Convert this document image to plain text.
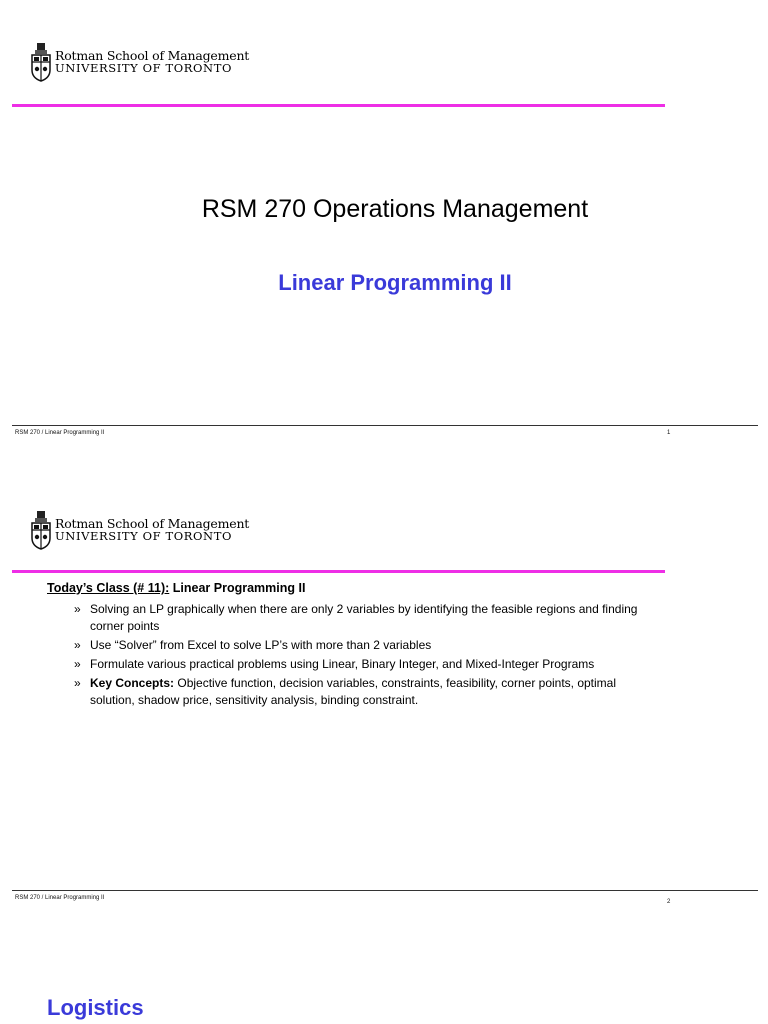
Rotman School of Management
UNIVERSITY OF TORONTO
RSM 270 Operations Management
Linear Programming II
RSM 270 / Linear Programming II	1
Rotman School of Management
UNIVERSITY OF TORONTO
Today’s Class (# 11): Linear Programming II
» Solving an LP graphically when there are only 2 variables by identifying the feasible regions and finding corner points
» Use “Solver” from Excel to solve LP’s with more than 2 variables
» Formulate various practical problems using Linear, Binary Integer, and Mixed-Integer Programs
» Key Concepts: Objective function, decision variables, constraints, feasibility, corner points, optimal solution, shadow price, sensitivity analysis, binding constraint.
RSM 270 / Linear Programming II
2
Logistics
